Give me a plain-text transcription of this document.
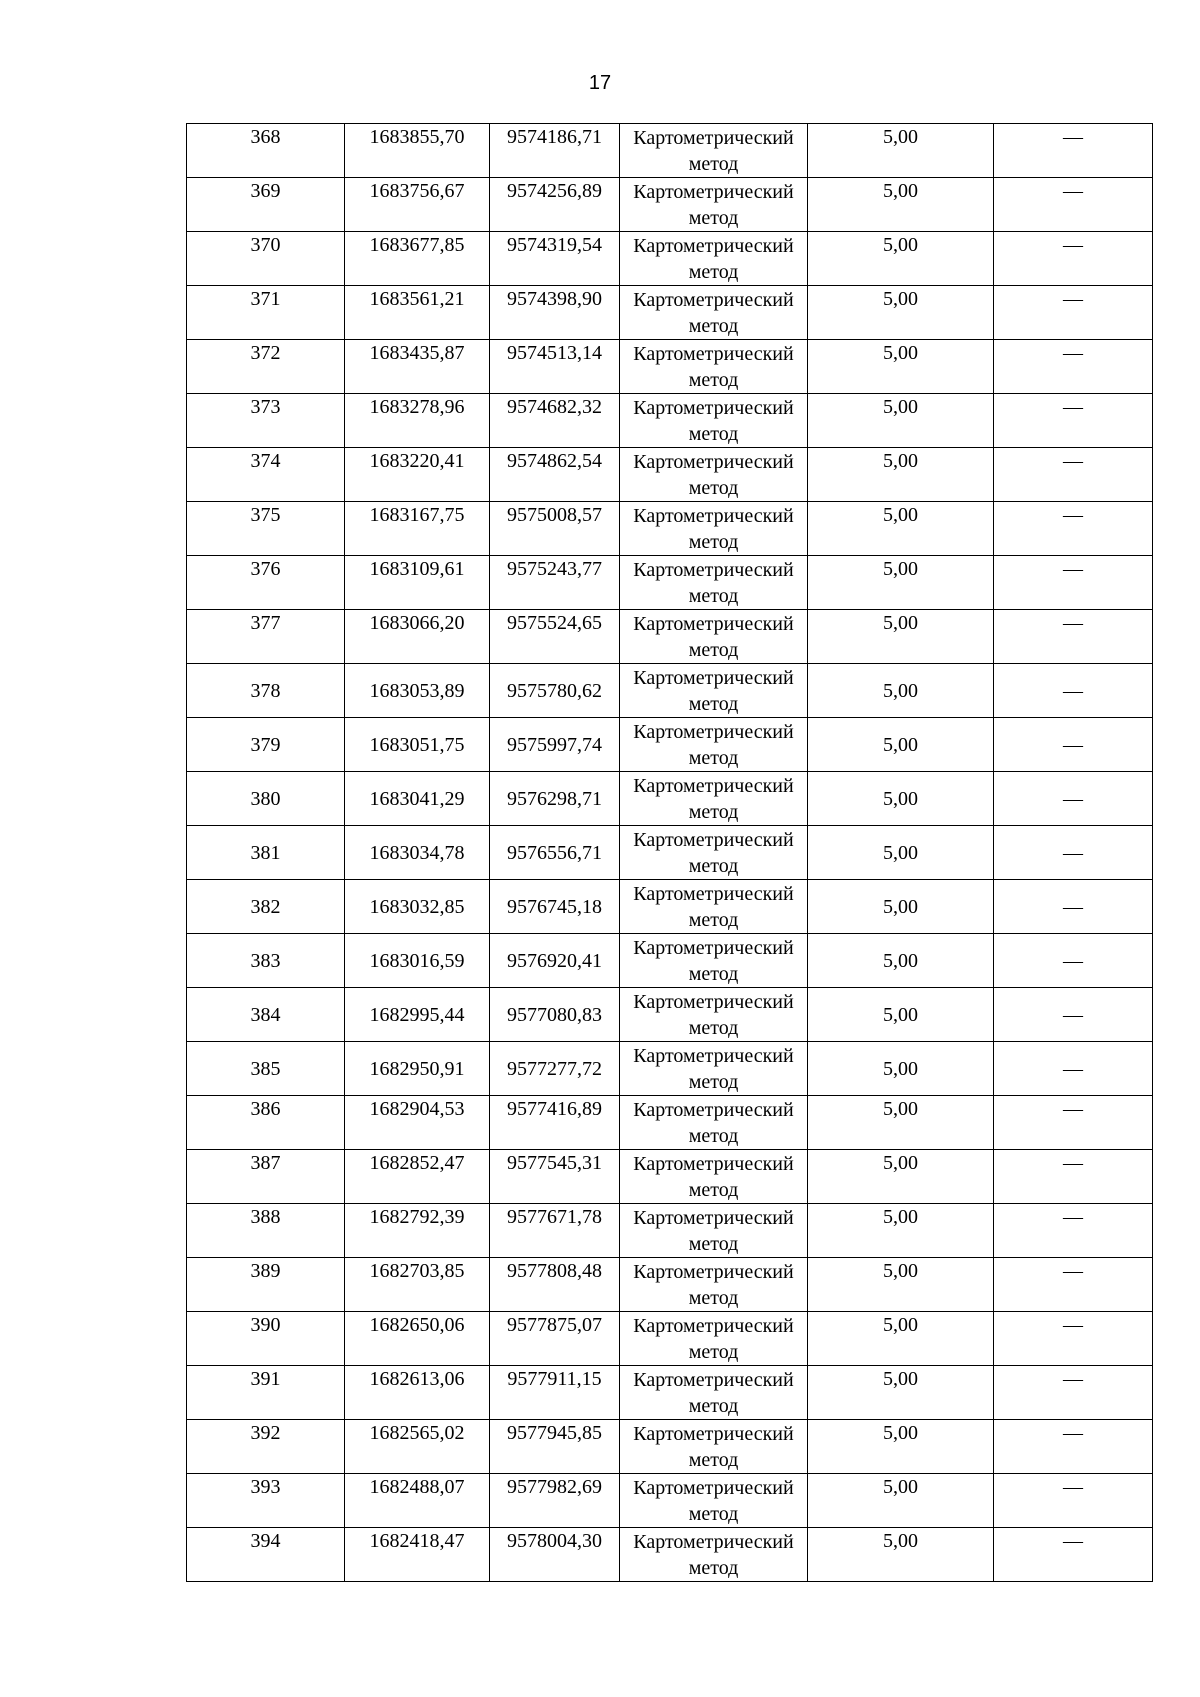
17
368	1683855,70	9574186,71	Картометрический метод	5,00	—
369	1683756,67	9574256,89	Картометрический метод	5,00	—
370	1683677,85	9574319,54	Картометрический метод	5,00	—
371	1683561,21	9574398,90	Картометрический метод	5,00	—
372	1683435,87	9574513,14	Картометрический метод	5,00	—
373	1683278,96	9574682,32	Картометрический метод	5,00	—
374	1683220,41	9574862,54	Картометрический метод	5,00	—
375	1683167,75	9575008,57	Картометрический метод	5,00	—
376	1683109,61	9575243,77	Картометрический метод	5,00	—
377	1683066,20	9575524,65	Картометрический метод	5,00	—
378	1683053,89	9575780,62	Картометрический метод	5,00	—
379	1683051,75	9575997,74	Картометрический метод	5,00	—
380	1683041,29	9576298,71	Картометрический метод	5,00	—
381	1683034,78	9576556,71	Картометрический метод	5,00	—
382	1683032,85	9576745,18	Картометрический метод	5,00	—
383	1683016,59	9576920,41	Картометрический метод	5,00	—
384	1682995,44	9577080,83	Картометрический метод	5,00	—
385	1682950,91	9577277,72	Картометрический метод	5,00	—
386	1682904,53	9577416,89	Картометрический метод	5,00	—
387	1682852,47	9577545,31	Картометрический метод	5,00	—
388	1682792,39	9577671,78	Картометрический метод	5,00	—
389	1682703,85	9577808,48	Картометрический метод	5,00	—
390	1682650,06	9577875,07	Картометрический метод	5,00	—
391	1682613,06	9577911,15	Картометрический метод	5,00	—
392	1682565,02	9577945,85	Картометрический метод	5,00	—
393	1682488,07	9577982,69	Картометрический метод	5,00	—
394	1682418,47	9578004,30	Картометрический метод	5,00	—
